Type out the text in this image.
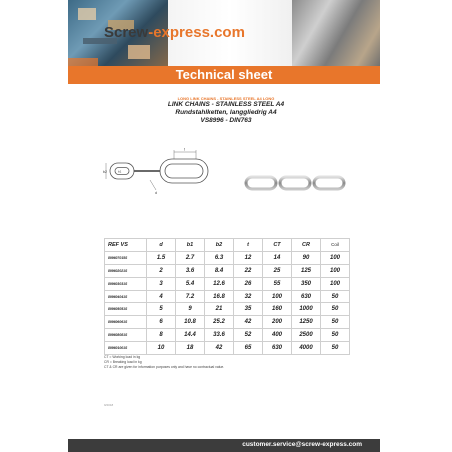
Screw-express.com
Technical sheet
LONG LINK CHAINS - STAINLESS STEEL A4 LONG
LINK CHAINS - STAINLESS STEEL A4
Rundstahlketten, langgliedrig A4
VS8996 - DIN763
t
b2	b1
d
REF VS	d	b1	b2	t	CT	CR	Coil
899607015S	1.5	2.7	6.3	12	14	90	100
899602021S	2	3.6	8.4	22	25	125	100
899603031S	3	5.4	12.6	26	55	350	100
899604041S	4	7.2	16.8	32	100	630	50
899605051S	5	9	21	35	160	1000	50
899606061S	6	10.8	25.2	42	200	1250	50
899608081S	8	14.4	33.6	52	400	2500	50
899601001S	10	18	42	65	630	4000	50
CT = Working load in kg
CR = Breaking load in kg
CT & CR are given for information purposes only and have no contractual value.
9/2018
customer.service@screw-express.com
